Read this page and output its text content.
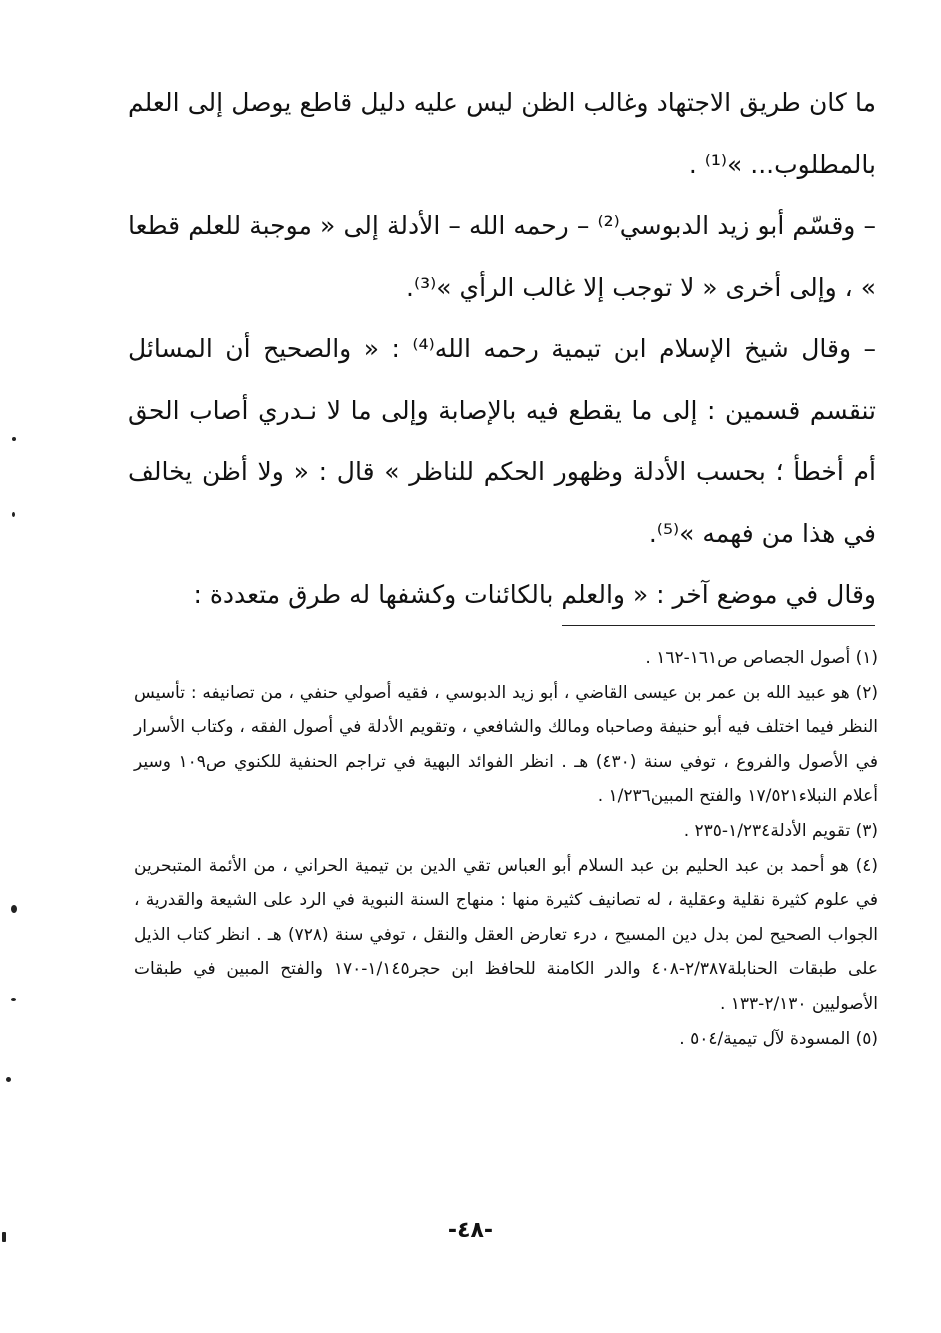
ما كان طريق الاجتهاد وغالب الظن ليس عليه دليل قاطع يوصل إلى العلم بالمطلوب... »⁽¹⁾ .

– وقسّم أبو زيد الدبوسي⁽²⁾ – رحمه الله – الأدلة إلى « موجبة للعلم قطعا » ، وإلى أخرى « لا توجب إلا غالب الرأي »⁽³⁾.

– وقال شيخ الإسلام ابن تيمية رحمه الله⁽⁴⁾ : « والصحيح أن المسائل تنقسم قسمين : إلى ما يقطع فيه بالإصابة وإلى ما لا نـدري أصاب الحق أم أخطأ ؛ بحسب الأدلة وظهور الحكم للناظر » قال : « ولا أظن يخالف في هذا من فهمه »⁽⁵⁾.

وقال في موضع آخر : « والعلم بالكائنات وكشفها له طرق متعددة :

(١) أصول الجصاص ص١٦١-١٦٢ .

(٢) هو عبيد الله بن عمر بن عيسى القاضي ، أبو زيد الدبوسي ، فقيه أصولي حنفي ، من تصانيفه : تأسيس النظر فيما اختلف فيه أبو حنيفة وصاحباه ومالك والشافعي ، وتقويم الأدلة في أصول الفقه ، وكتاب الأسرار في الأصول والفروع ، توفي سنة (٤٣٠) هـ . انظر الفوائد البهية في تراجم الحنفية للكنوي ص١٠٩ وسير أعلام النبلاء١٧/٥٢١ والفتح المبين١/٢٣٦ .

(٣) تقويم الأدلة١/٢٣٤-٢٣٥ .

(٤) هو أحمد بن عبد الحليم بن عبد السلام أبو العباس تقي الدين بن تيمية الحراني ، من الأئمة المتبحرين في علوم كثيرة نقلية وعقلية ، له تصانيف كثيرة منها : منهاج السنة النبوية في الرد على الشيعة والقدرية ، الجواب الصحيح لمن بدل دين المسيح ، درء تعارض العقل والنقل ، توفي سنة (٧٢٨) هـ . انظر كتاب الذيل على طبقات الحنابلة٢/٣٨٧-٤٠٨ والدر الكامنة للحافظ ابن حجر١/١٤٥-١٧٠ والفتح المبين في طبقات الأصوليين ٢/١٣٠-١٣٣ .

(٥) المسودة لآل تيمية/٥٠٤ .

-٤٨-
